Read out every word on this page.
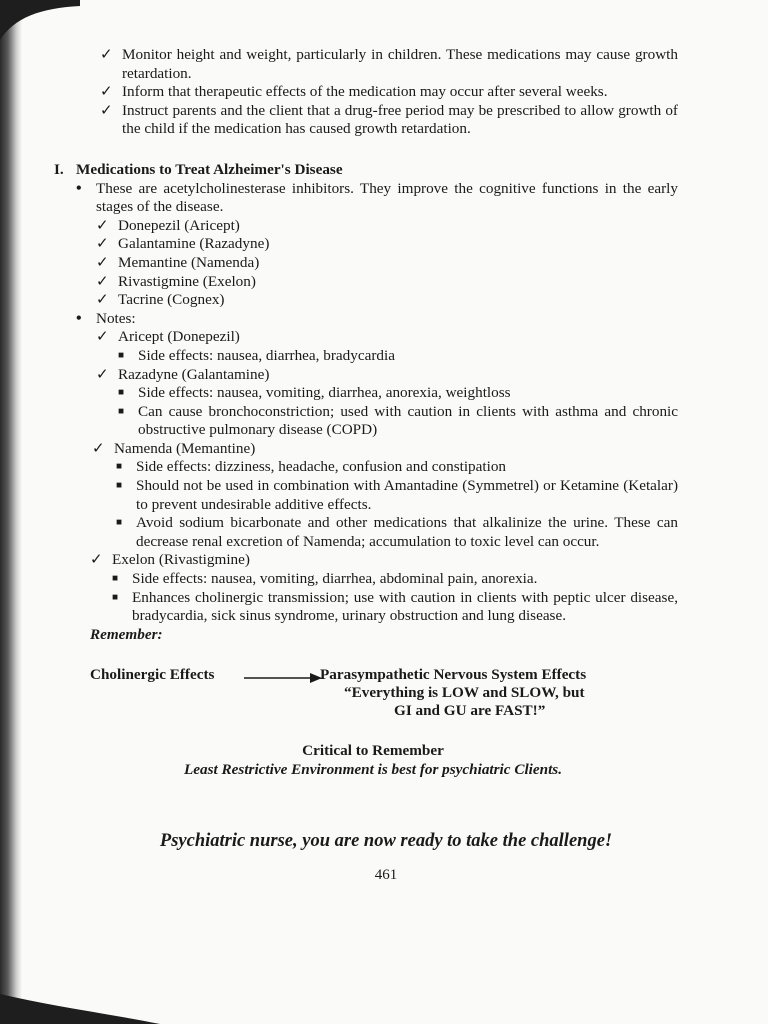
✓ Monitor height and weight, particularly in children. These medications may cause growth retardation.
✓ Inform that therapeutic effects of the medication may occur after several weeks.
✓ Instruct parents and the client that a drug-free period may be prescribed to allow growth of the child if the medication has caused growth retardation.
I. Medications to Treat Alzheimer's Disease
• These are acetylcholinesterase inhibitors. They improve the cognitive functions in the early stages of the disease.
✓ Donepezil (Aricept)
✓ Galantamine (Razadyne)
✓ Memantine (Namenda)
✓ Rivastigmine (Exelon)
✓ Tacrine (Cognex)
• Notes:
✓ Aricept (Donepezil)
■ Side effects: nausea, diarrhea, bradycardia
✓ Razadyne (Galantamine)
■ Side effects: nausea, vomiting, diarrhea, anorexia, weightloss
■ Can cause bronchoconstriction; used with caution in clients with asthma and chronic obstructive pulmonary disease (COPD)
✓ Namenda (Memantine)
■ Side effects: dizziness, headache, confusion and constipation
■ Should not be used in combination with Amantadine (Symmetrel) or Ketamine (Ketalar) to prevent undesirable additive effects.
■ Avoid sodium bicarbonate and other medications that alkalinize the urine. These can decrease renal excretion of Namenda; accumulation to toxic level can occur.
✓ Exelon (Rivastigmine)
■ Side effects: nausea, vomiting, diarrhea, abdominal pain, anorexia.
■ Enhances cholinergic transmission; use with caution in clients with peptic ulcer disease, bradycardia, sick sinus syndrome, urinary obstruction and lung disease.
Remember:
Cholinergic Effects	Parasympathetic Nervous System Effects
“Everything is LOW and SLOW, but
GI and GU are FAST!”
Critical to Remember
Least Restrictive Environment is best for psychiatric Clients.
Psychiatric nurse, you are now ready to take the challenge!
461
